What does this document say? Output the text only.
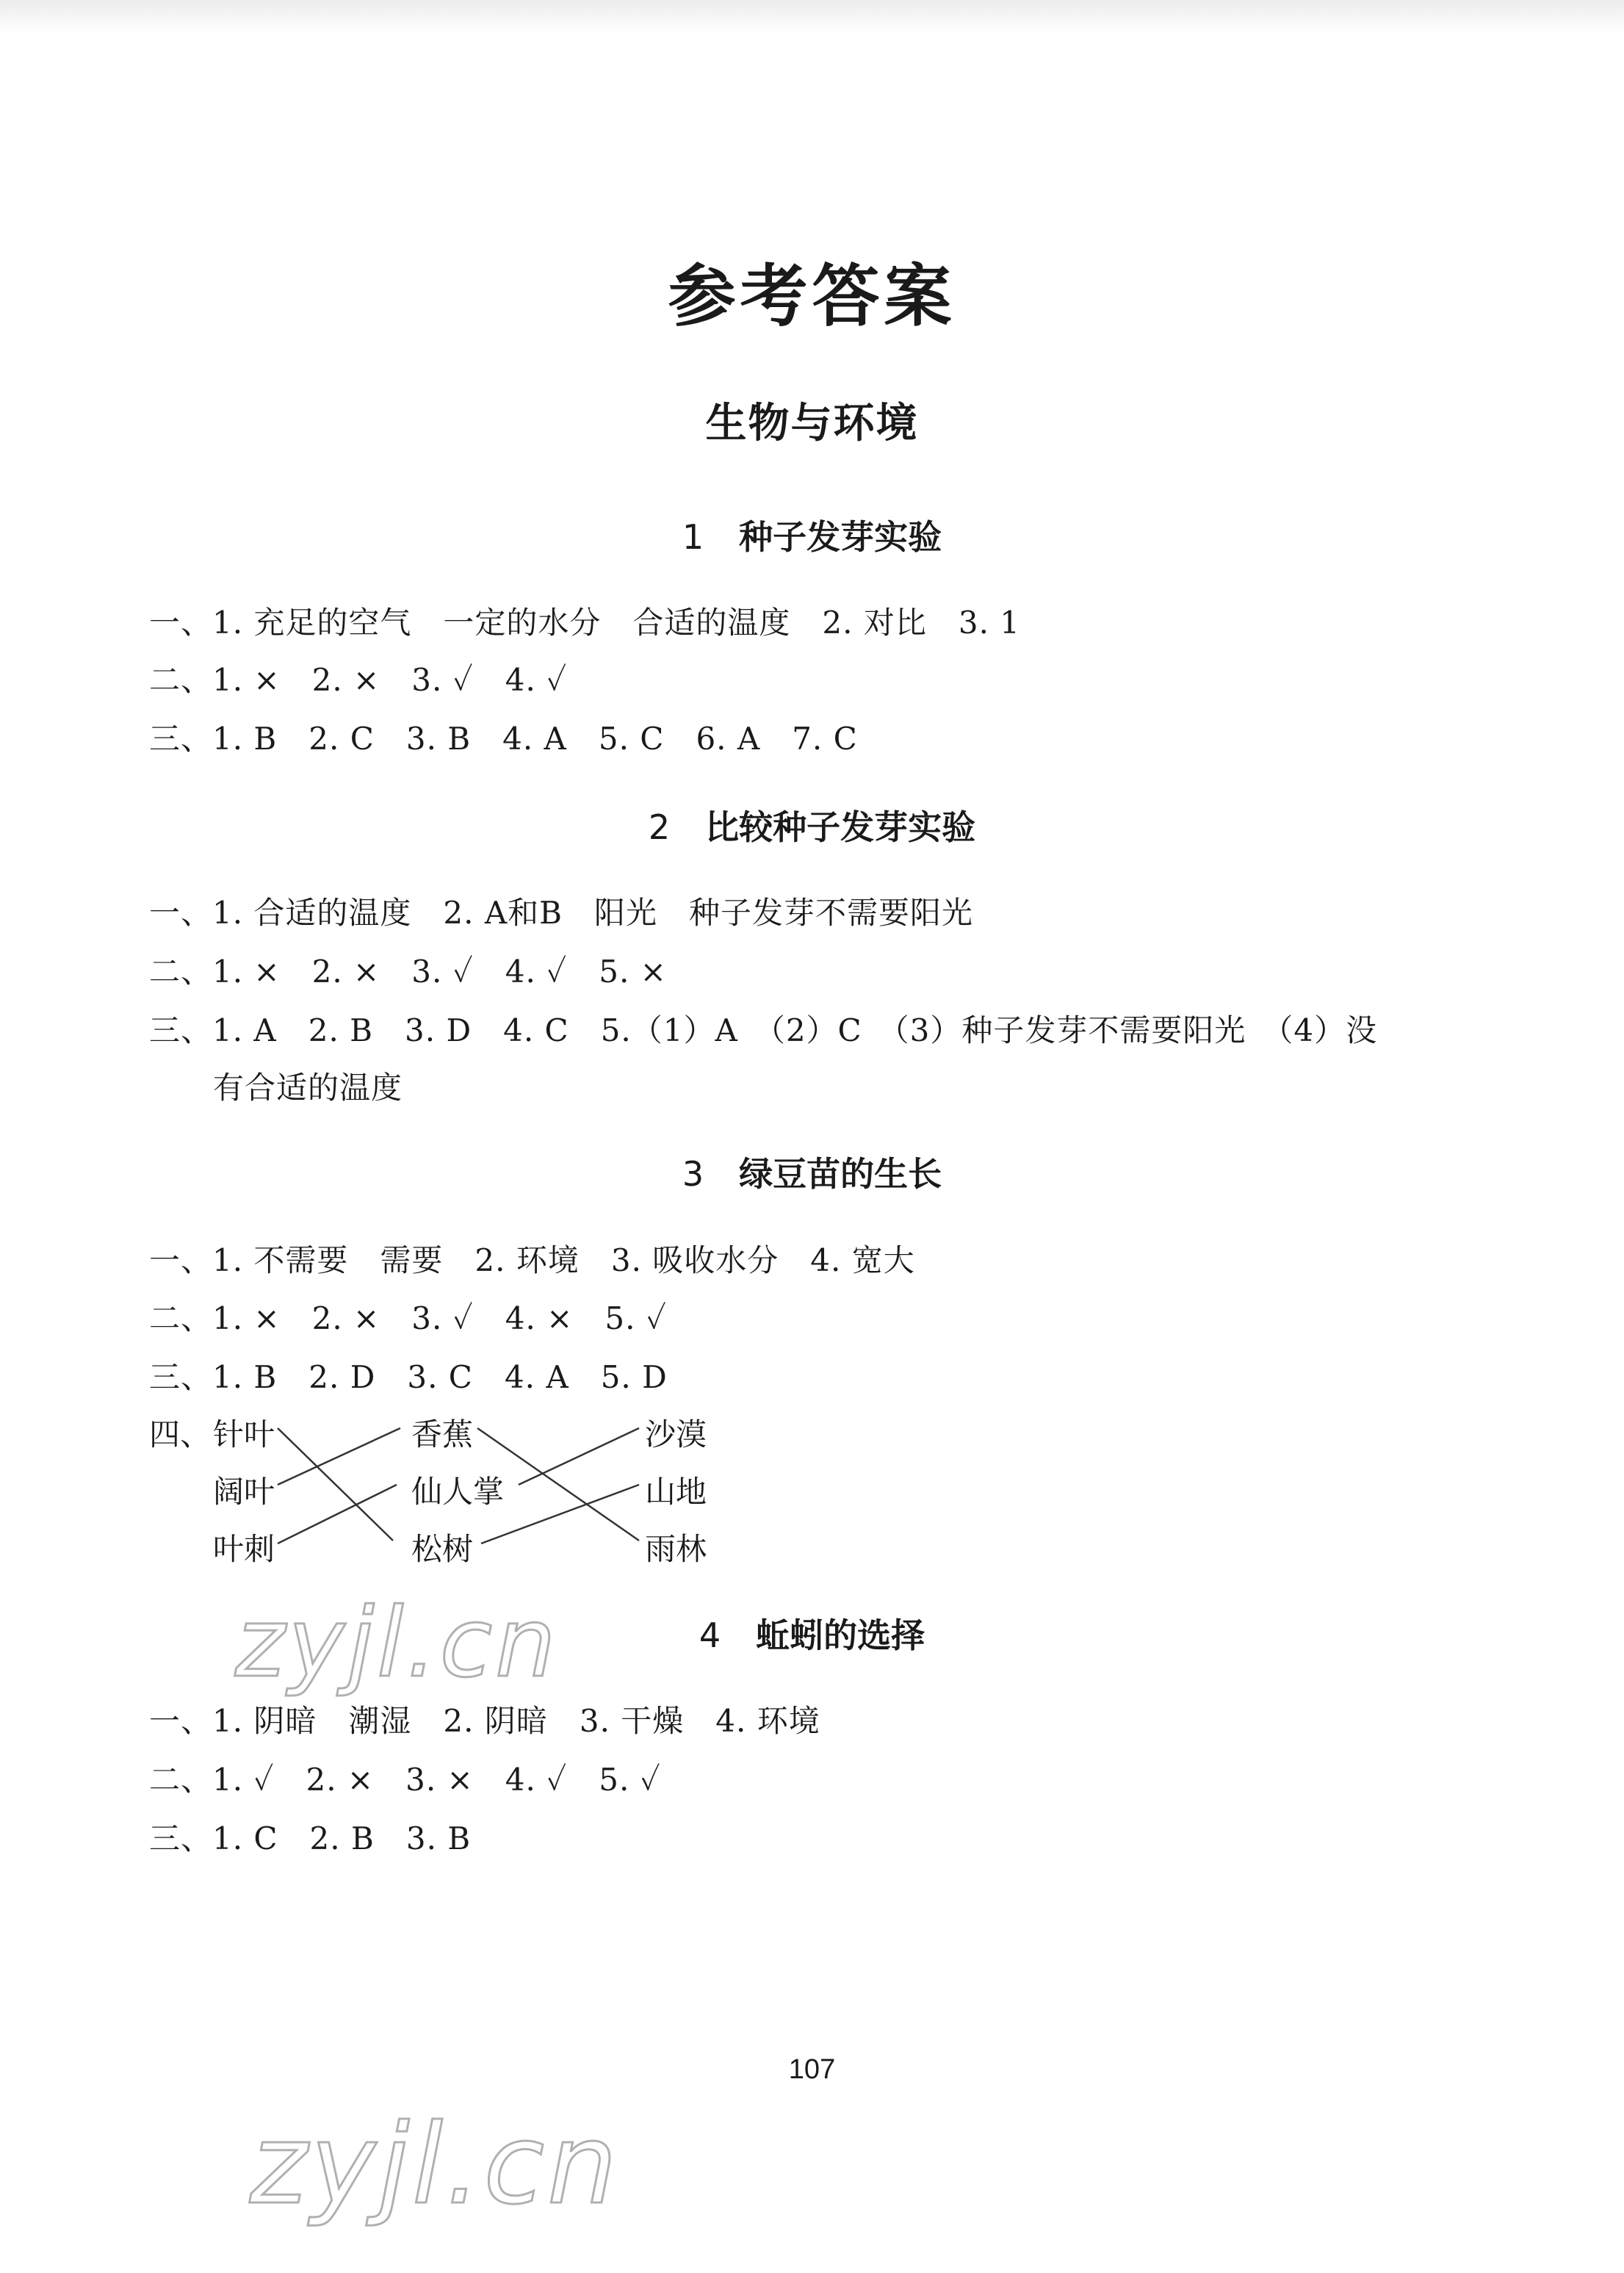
参考答案
生物与环境
1 种子发芽实验
一、1. 充足的空气　一定的水分　合适的温度　2. 对比　3. 1
二、1. ×　2. ×　3. ✓　4. ✓
三、1. B　2. C　3. B　4. A　5. C　6. A　7. C
2 比较种子发芽实验
一、1. 合适的温度　2. A和B　阳光　种子发芽不需要阳光
二、1. ×　2. ×　3. ✓　4. ✓　5. ×
三、1. A　2. B　3. D　4. C　5.（1）A　（2）C　（3）种子发芽不需要阳光　（4）没
有合适的温度
3 绿豆苗的生长
一、1. 不需要　需要　2. 环境　3. 吸收水分　4. 宽大
二、1. ×　2. ×　3. ✓　4. ×　5. ✓
三、1. B　2. D　3. C　4. A　5. D
四、 针叶
阔叶
叶刺
香蕉
仙人掌
松树
沙漠
山地
雨林
4 蚯蚓的选择
一、1. 阴暗　潮湿　2. 阴暗　3. 干燥　4. 环境
二、1. ✓　2. ×　3. ×　4. ✓　5. ✓
三、1. C　2. B　3. B
zyjl.cn
zyjl.cn
107
